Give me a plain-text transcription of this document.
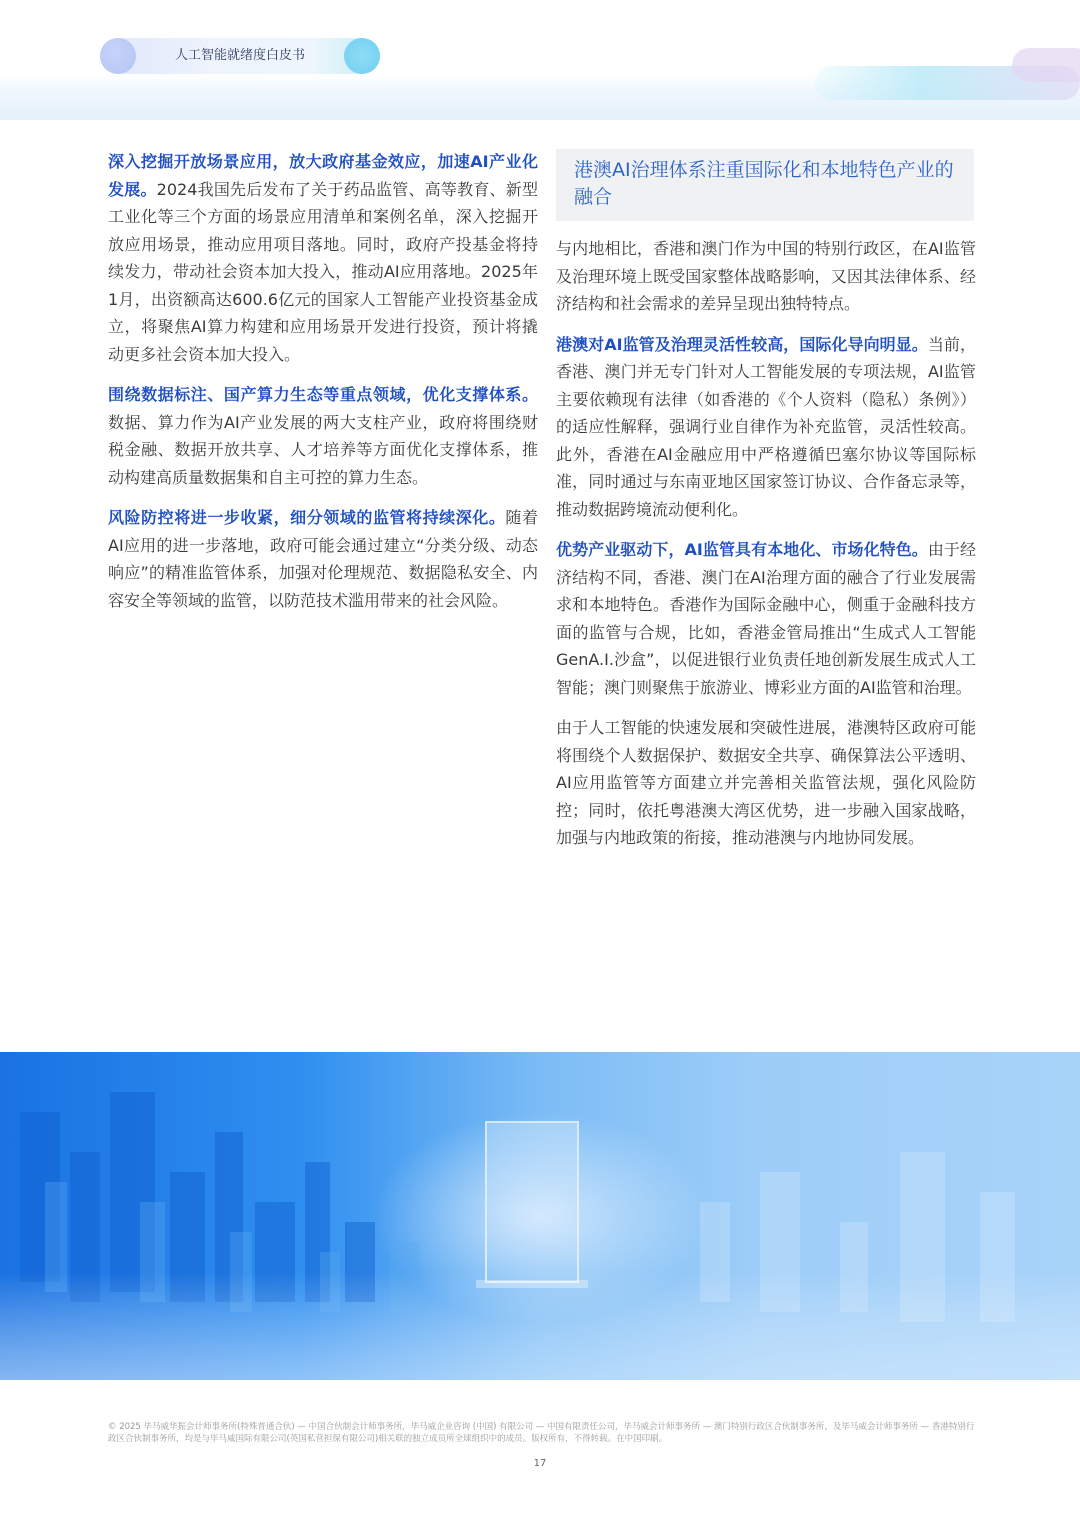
人工智能就绪度白皮书

深入挖掘开放场景应用，放大政府基金效应，加速AI产业化发展。2024我国先后发布了关于药品监管、高等教育、新型工业化等三个方面的场景应用清单和案例名单，深入挖掘开放应用场景，推动应用项目落地。同时，政府产投基金将持续发力，带动社会资本加大投入，推动AI应用落地。2025年1月，出资额高达600.6亿元的国家人工智能产业投资基金成立，将聚焦AI算力构建和应用场景开发进行投资，预计将撬动更多社会资本加大投入。

围绕数据标注、国产算力生态等重点领域，优化支撑体系。数据、算力作为AI产业发展的两大支柱产业，政府将围绕财税金融、数据开放共享、人才培养等方面优化支撑体系，推动构建高质量数据集和自主可控的算力生态。

风险防控将进一步收紧，细分领域的监管将持续深化。随着AI应用的进一步落地，政府可能会通过建立“分类分级、动态响应”的精准监管体系，加强对伦理规范、数据隐私安全、内容安全等领域的监管，以防范技术滥用带来的社会风险。

港澳AI治理体系注重国际化和本地特色产业的融合

与内地相比，香港和澳门作为中国的特别行政区，在AI监管及治理环境上既受国家整体战略影响，又因其法律体系、经济结构和社会需求的差异呈现出独特特点。

港澳对AI监管及治理灵活性较高，国际化导向明显。当前，香港、澳门并无专门针对人工智能发展的专项法规，AI监管主要依赖现有法律（如香港的《个人资料（隐私）条例》）的适应性解释，强调行业自律作为补充监管，灵活性较高。此外，香港在AI金融应用中严格遵循巴塞尔协议等国际标准，同时通过与东南亚地区国家签订协议、合作备忘录等，推动数据跨境流动便利化。

优势产业驱动下，AI监管具有本地化、市场化特色。由于经济结构不同，香港、澳门在AI治理方面的融合了行业发展需求和本地特色。香港作为国际金融中心，侧重于金融科技方面的监管与合规，比如，香港金管局推出“生成式人工智能GenA.I.沙盒”，以促进银行业负责任地创新发展生成式人工智能；澳门则聚焦于旅游业、博彩业方面的AI监管和治理。

由于人工智能的快速发展和突破性进展，港澳特区政府可能将围绕个人数据保护、数据安全共享、确保算法公平透明、AI应用监管等方面建立并完善相关监管法规，强化风险防控；同时，依托粤港澳大湾区优势，进一步融入国家战略，加强与内地政策的衔接，推动港澳与内地协同发展。

© 2025 毕马威华振会计师事务所(特殊普通合伙) — 中国合伙制会计师事务所，毕马威企业咨询 (中国) 有限公司 — 中国有限责任公司，毕马威会计师事务所 — 澳门特别行政区合伙制事务所，及毕马威会计师事务所 — 香港特别行政区合伙制事务所，均是与毕马威国际有限公司(英国私营担保有限公司)相关联的独立成员所全球组织中的成员。版权所有，不得转载。在中国印刷。
17
